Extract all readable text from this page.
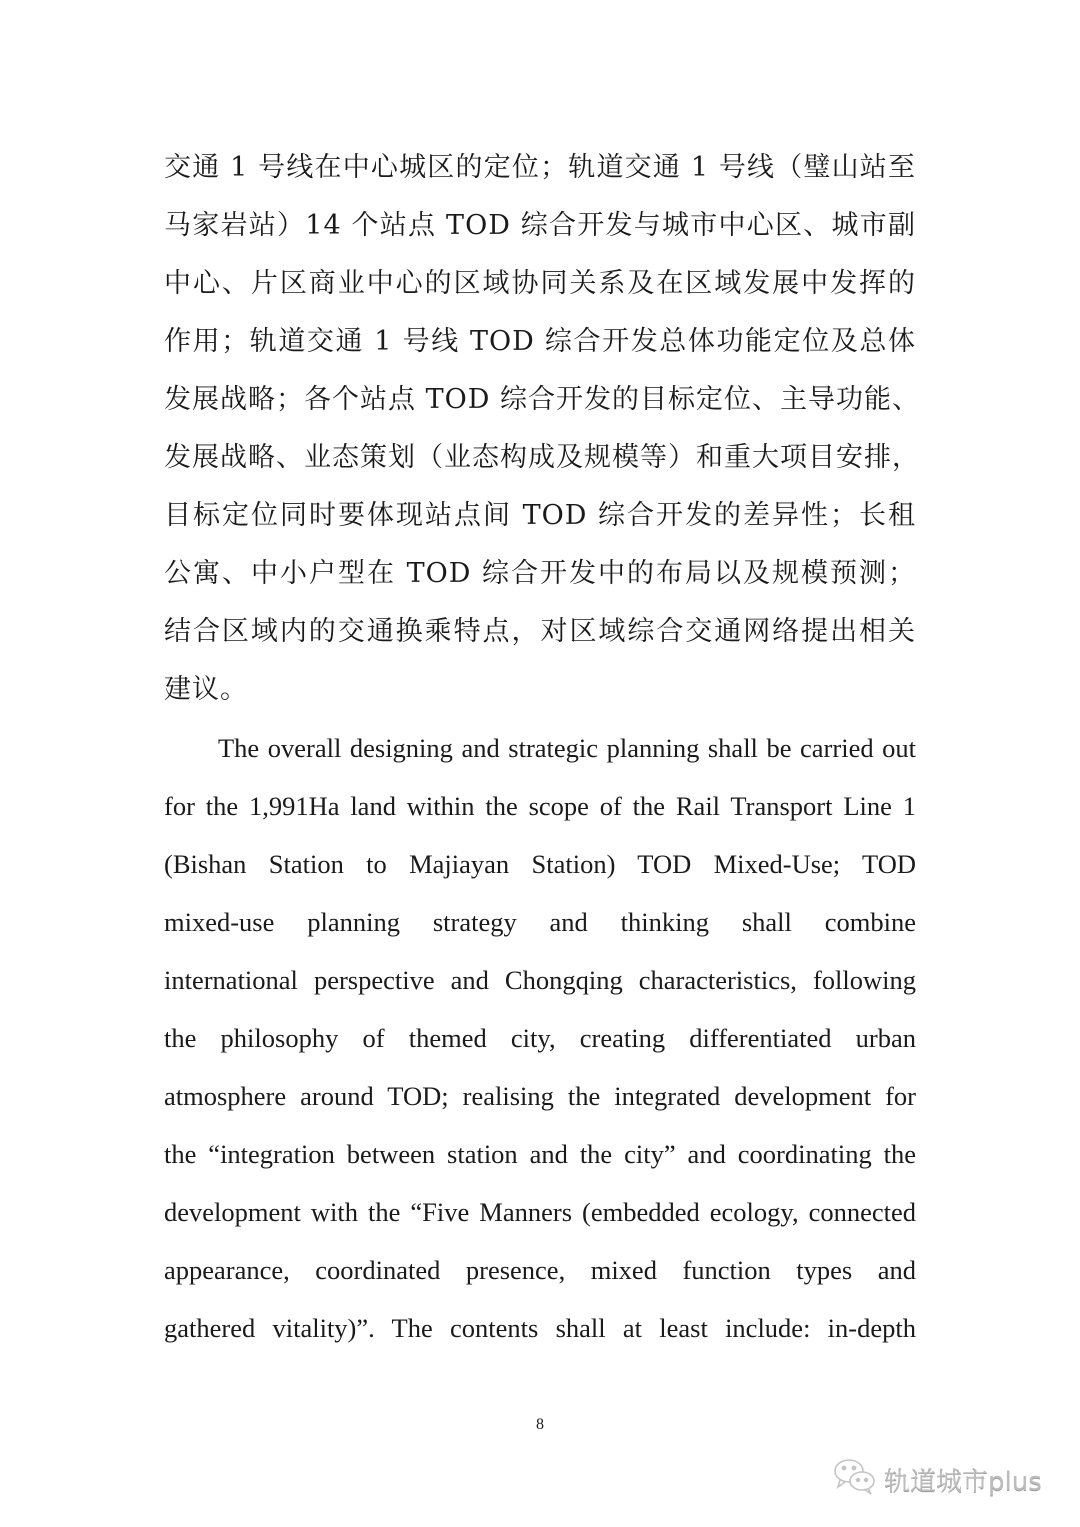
交通 1 号线在中心城区的定位；轨道交通 1 号线（璧山站至
马家岩站）14 个站点 TOD 综合开发与城市中心区、城市副
中心、片区商业中心的区域协同关系及在区域发展中发挥的
作用；轨道交通 1 号线 TOD 综合开发总体功能定位及总体
发展战略；各个站点 TOD 综合开发的目标定位、主导功能、
发展战略、业态策划（业态构成及规模等）和重大项目安排，
目标定位同时要体现站点间 TOD 综合开发的差异性；长租
公寓、中小户型在 TOD 综合开发中的布局以及规模预测；
结合区域内的交通换乘特点，对区域综合交通网络提出相关
建议。
The overall designing and strategic planning shall be carried out
for the 1,991Ha land within the scope of the Rail Transport Line 1
(Bishan Station to Majiayan Station) TOD Mixed-Use; TOD
mixed-use planning strategy and thinking shall combine
international perspective and Chongqing characteristics, following
the philosophy of themed city, creating differentiated urban
atmosphere around TOD; realising the integrated development for
the “integration between station and the city” and coordinating the
development with the “Five Manners (embedded ecology, connected
appearance, coordinated presence, mixed function types and
gathered vitality)”. The contents shall at least include: in-depth
8
轨道城市plus
